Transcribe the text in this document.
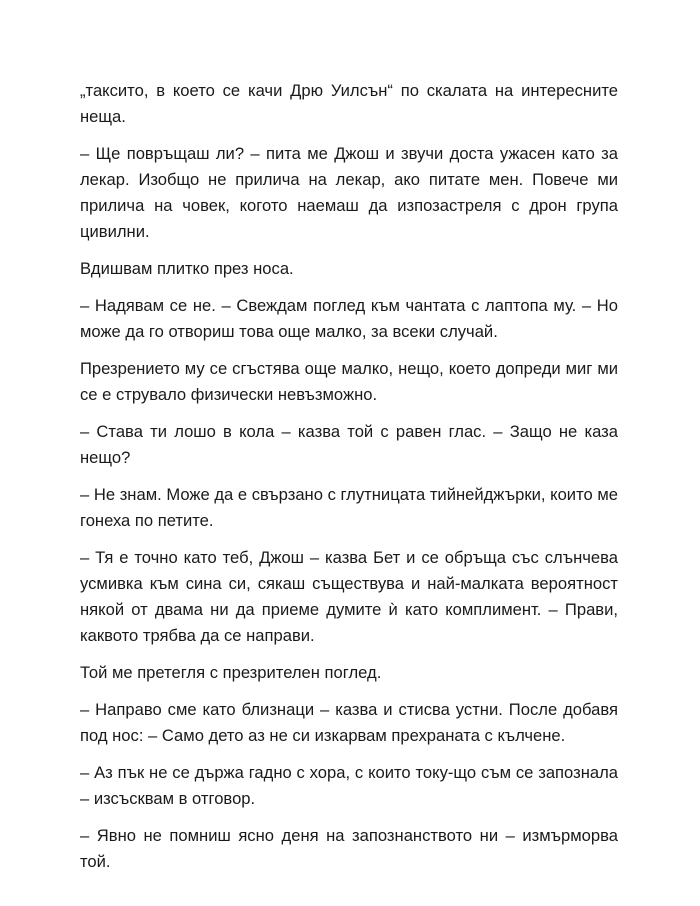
„таксито, в което се качи Дрю Уилсън“ по скалата на интересните неща.

– Ще повръщаш ли? – пита ме Джош и звучи доста ужасен като за лекар. Изобщо не прилича на лекар, ако питате мен. Повече ми прилича на човек, когото наемаш да изпозастреля с дрон група цивилни.

Вдишвам плитко през носа.

– Надявам се не. – Свеждам поглед към чантата с лаптопа му. – Но може да го отвориш това още малко, за всеки случай.

Презрението му се сгъстява още малко, нещо, което допреди миг ми се е струвало физически невъзможно.

– Става ти лошо в кола – казва той с равен глас. – Защо не каза нещо?

– Не знам. Може да е свързано с глутницата тийнейджърки, които ме гонеха по петите.

– Тя е точно като теб, Джош – казва Бет и се обръща със слънчева усмивка към сина си, сякаш съществува и най-малката вероятност някой от двама ни да приеме думите ѝ като комплимент. – Прави, каквото трябва да се направи.

Той ме претегля с презрителен поглед.

– Направо сме като близнаци – казва и стисва устни. После добавя под нос: – Само дето аз не си изкарвам прехраната с кълчене.

– Аз пък не се държа гадно с хора, с които току-що съм се запознала – изсъсквам в отговор.

– Явно не помниш ясно деня на запознанството ни – измърморва той.
